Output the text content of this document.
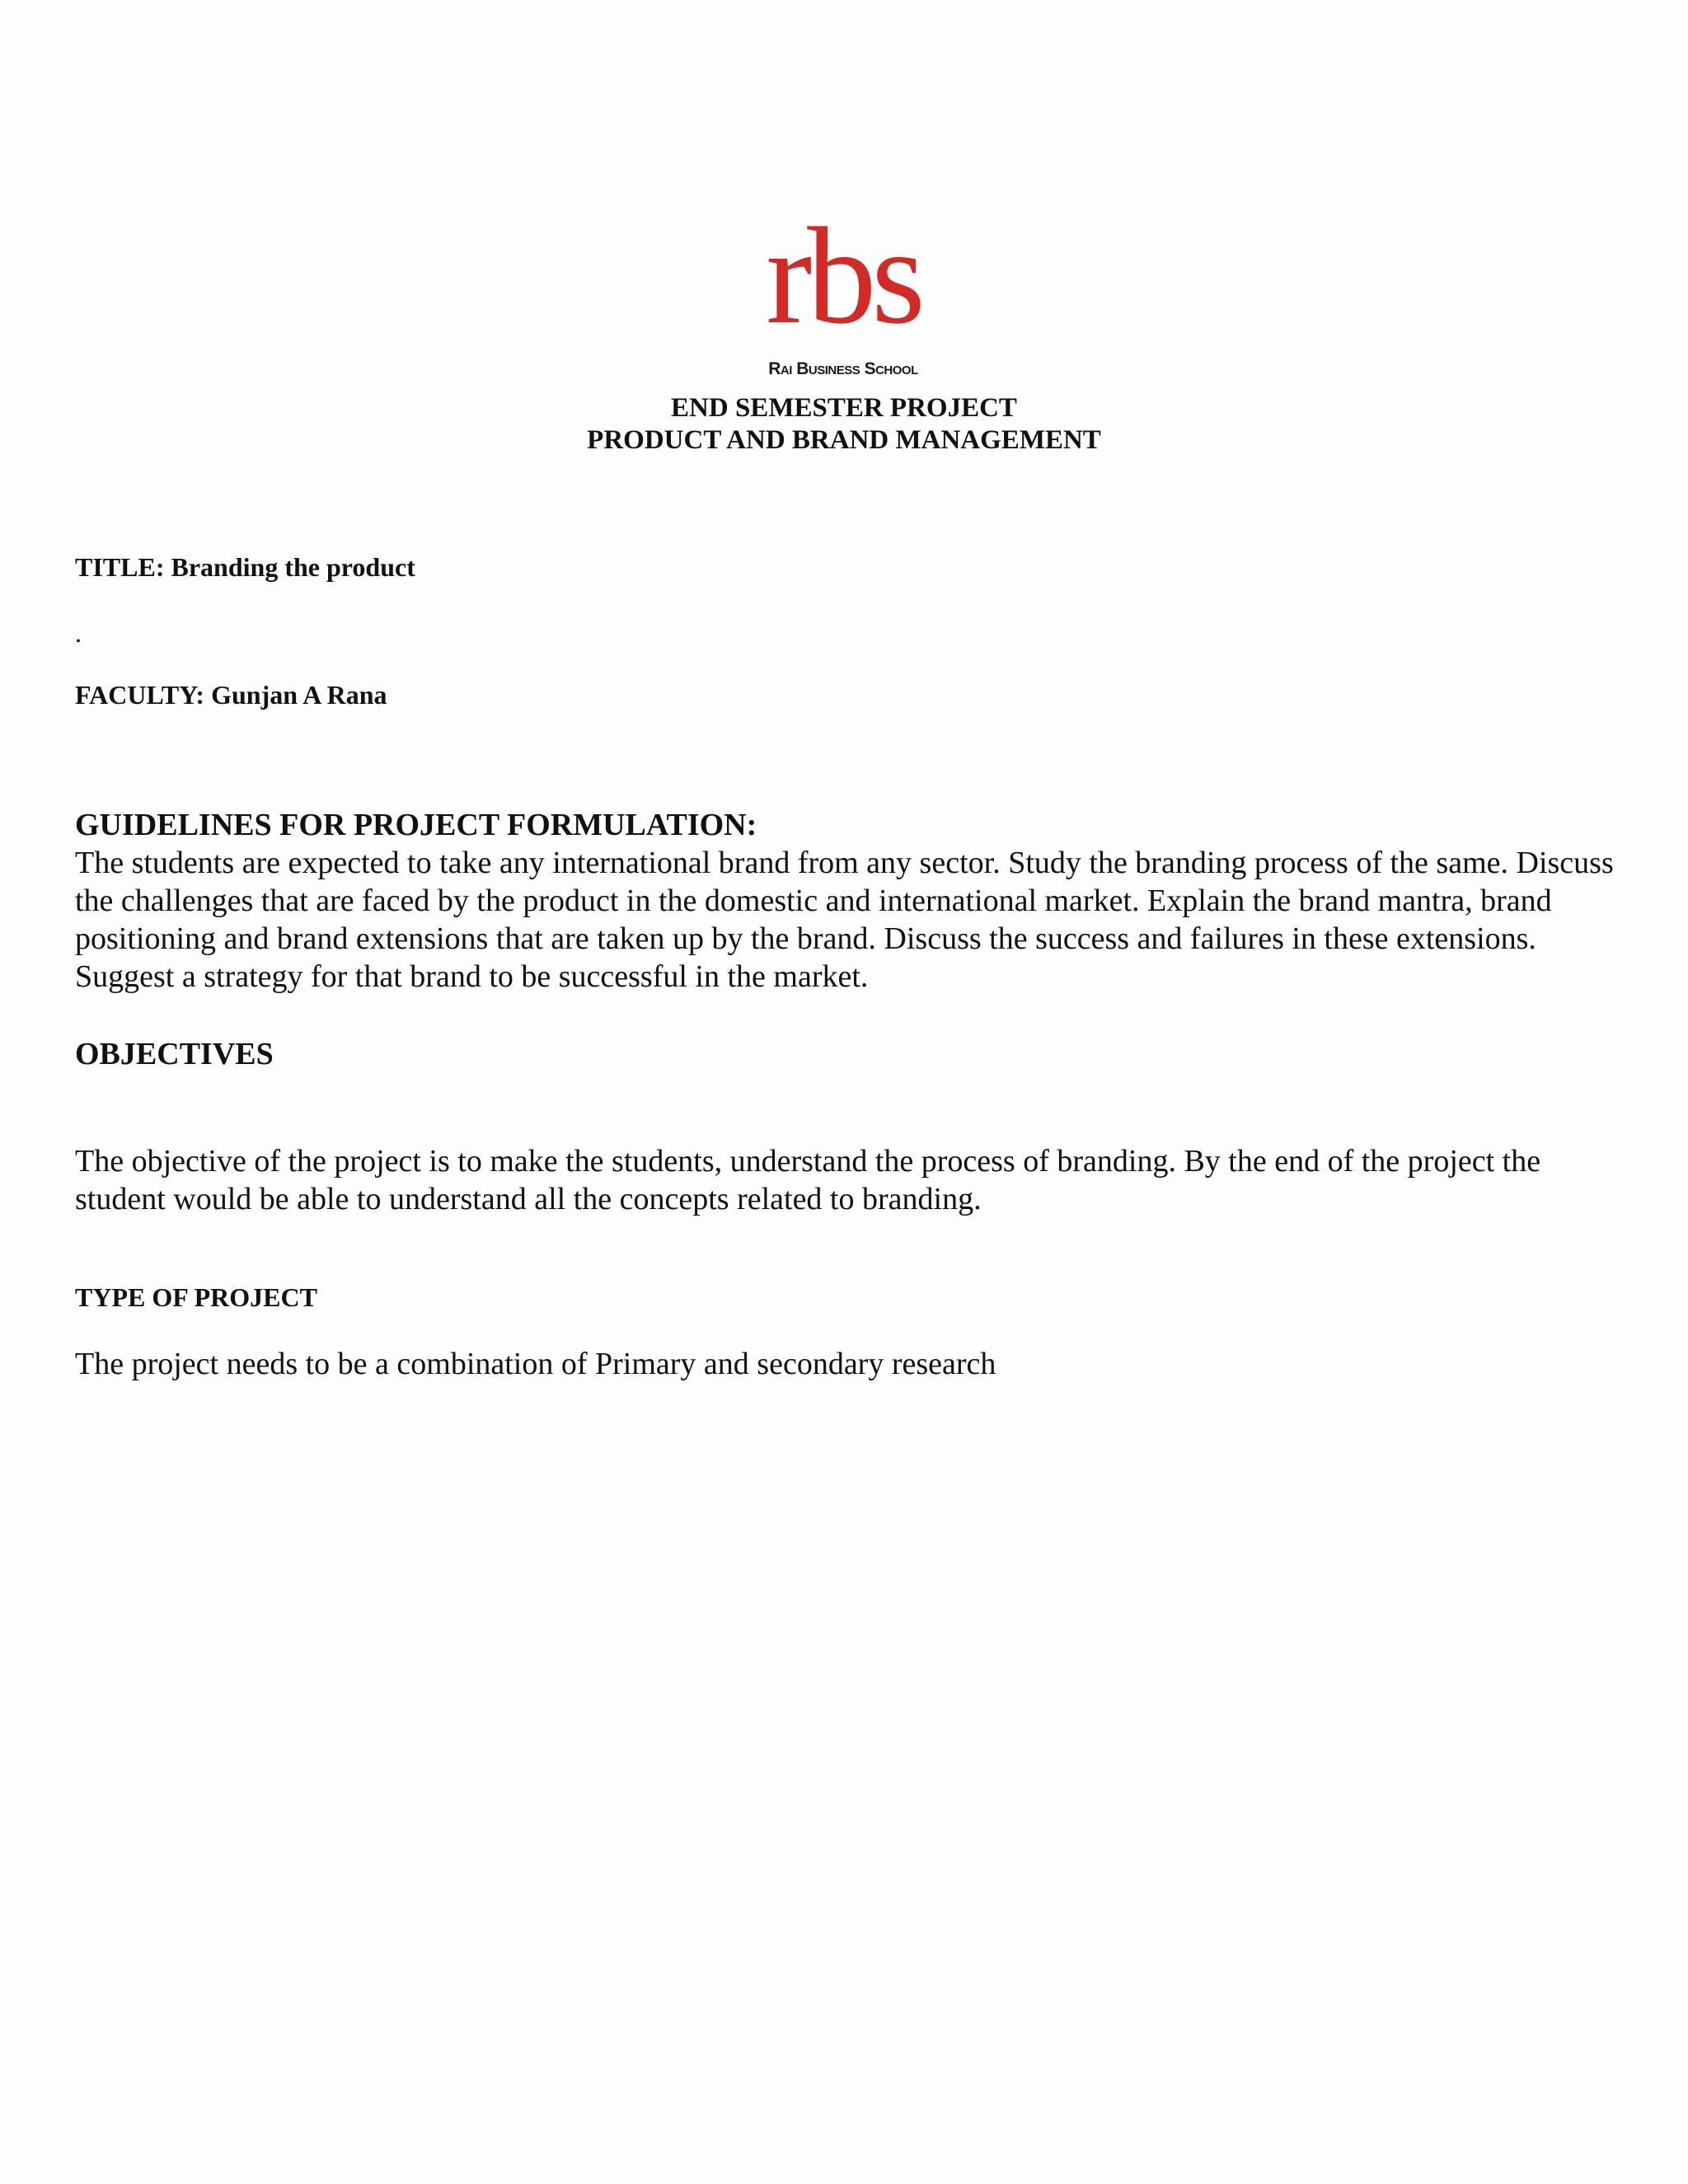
rbs
Rai Business School
END SEMESTER PROJECT
PRODUCT AND BRAND MANAGEMENT
TITLE: Branding the product
.
FACULTY: Gunjan A Rana
GUIDELINES FOR PROJECT FORMULATION:
The students are expected to take any international brand from any sector. Study the branding process of the same. Discuss the challenges that are faced by the product in the domestic and international market. Explain the brand mantra, brand positioning and brand extensions that are taken up by the brand. Discuss the success and failures in these extensions. Suggest a strategy for that brand to be successful in the market.
OBJECTIVES
The objective of the project is to make the students, understand the process of branding. By the end of the project the student would be able to understand all the concepts related to branding.
TYPE OF PROJECT
The project needs to be a combination of Primary and secondary research
